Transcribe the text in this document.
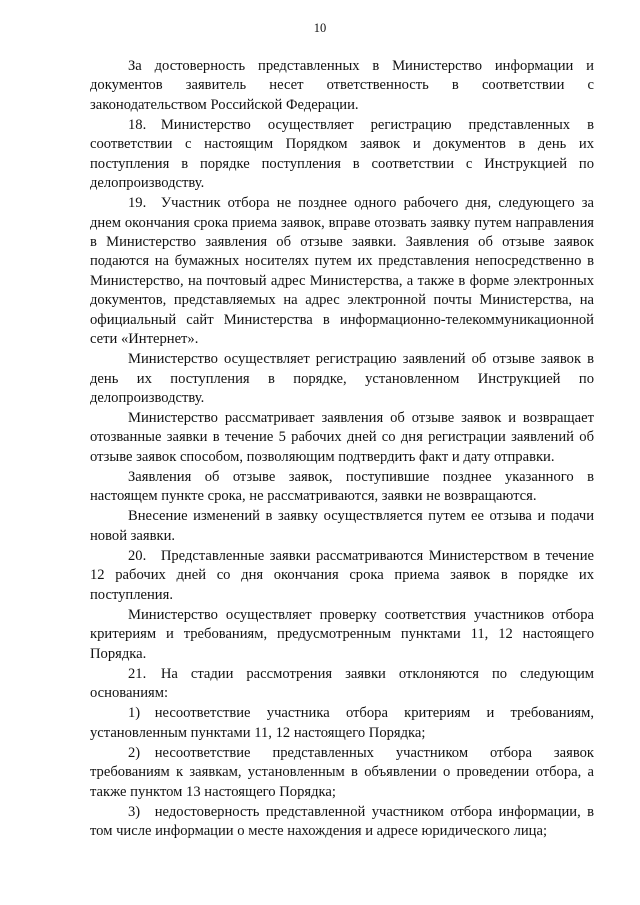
10

За достоверность представленных в Министерство информации и документов заявитель несет ответственность в соответствии с законодательством Российской Федерации.

18. Министерство осуществляет регистрацию представленных в соответствии с настоящим Порядком заявок и документов в день их поступления в порядке поступления в соответствии с Инструкцией по делопроизводству.

19. Участник отбора не позднее одного рабочего дня, следующего за днем окончания срока приема заявок, вправе отозвать заявку путем направления в Министерство заявления об отзыве заявки. Заявления об отзыве заявок подаются на бумажных носителях путем их представления непосредственно в Министерство, на почтовый адрес Министерства, а также в форме электронных документов, представляемых на адрес электронной почты Министерства, на официальный сайт Министерства в информационно-телекоммуникационной сети «Интернет».

Министерство осуществляет регистрацию заявлений об отзыве заявок в день их поступления в порядке, установленном Инструкцией по делопроизводству.

Министерство рассматривает заявления об отзыве заявок и возвращает отозванные заявки в течение 5 рабочих дней со дня регистрации заявлений об отзыве заявок способом, позволяющим подтвердить факт и дату отправки.

Заявления об отзыве заявок, поступившие позднее указанного в настоящем пункте срока, не рассматриваются, заявки не возвращаются.

Внесение изменений в заявку осуществляется путем ее отзыва и подачи новой заявки.

20. Представленные заявки рассматриваются Министерством в течение 12 рабочих дней со дня окончания срока приема заявок в порядке их поступления.

Министерство осуществляет проверку соответствия участников отбора критериям и требованиям, предусмотренным пунктами 11, 12 настоящего Порядка.

21. На стадии рассмотрения заявки отклоняются по следующим основаниям:

1) несоответствие участника отбора критериям и требованиям, установленным пунктами 11, 12 настоящего Порядка;

2) несоответствие представленных участником отбора заявок требованиям к заявкам, установленным в объявлении о проведении отбора, а также пунктом 13 настоящего Порядка;

3) недостоверность представленной участником отбора информации, в том числе информации о месте нахождения и адресе юридического лица;
